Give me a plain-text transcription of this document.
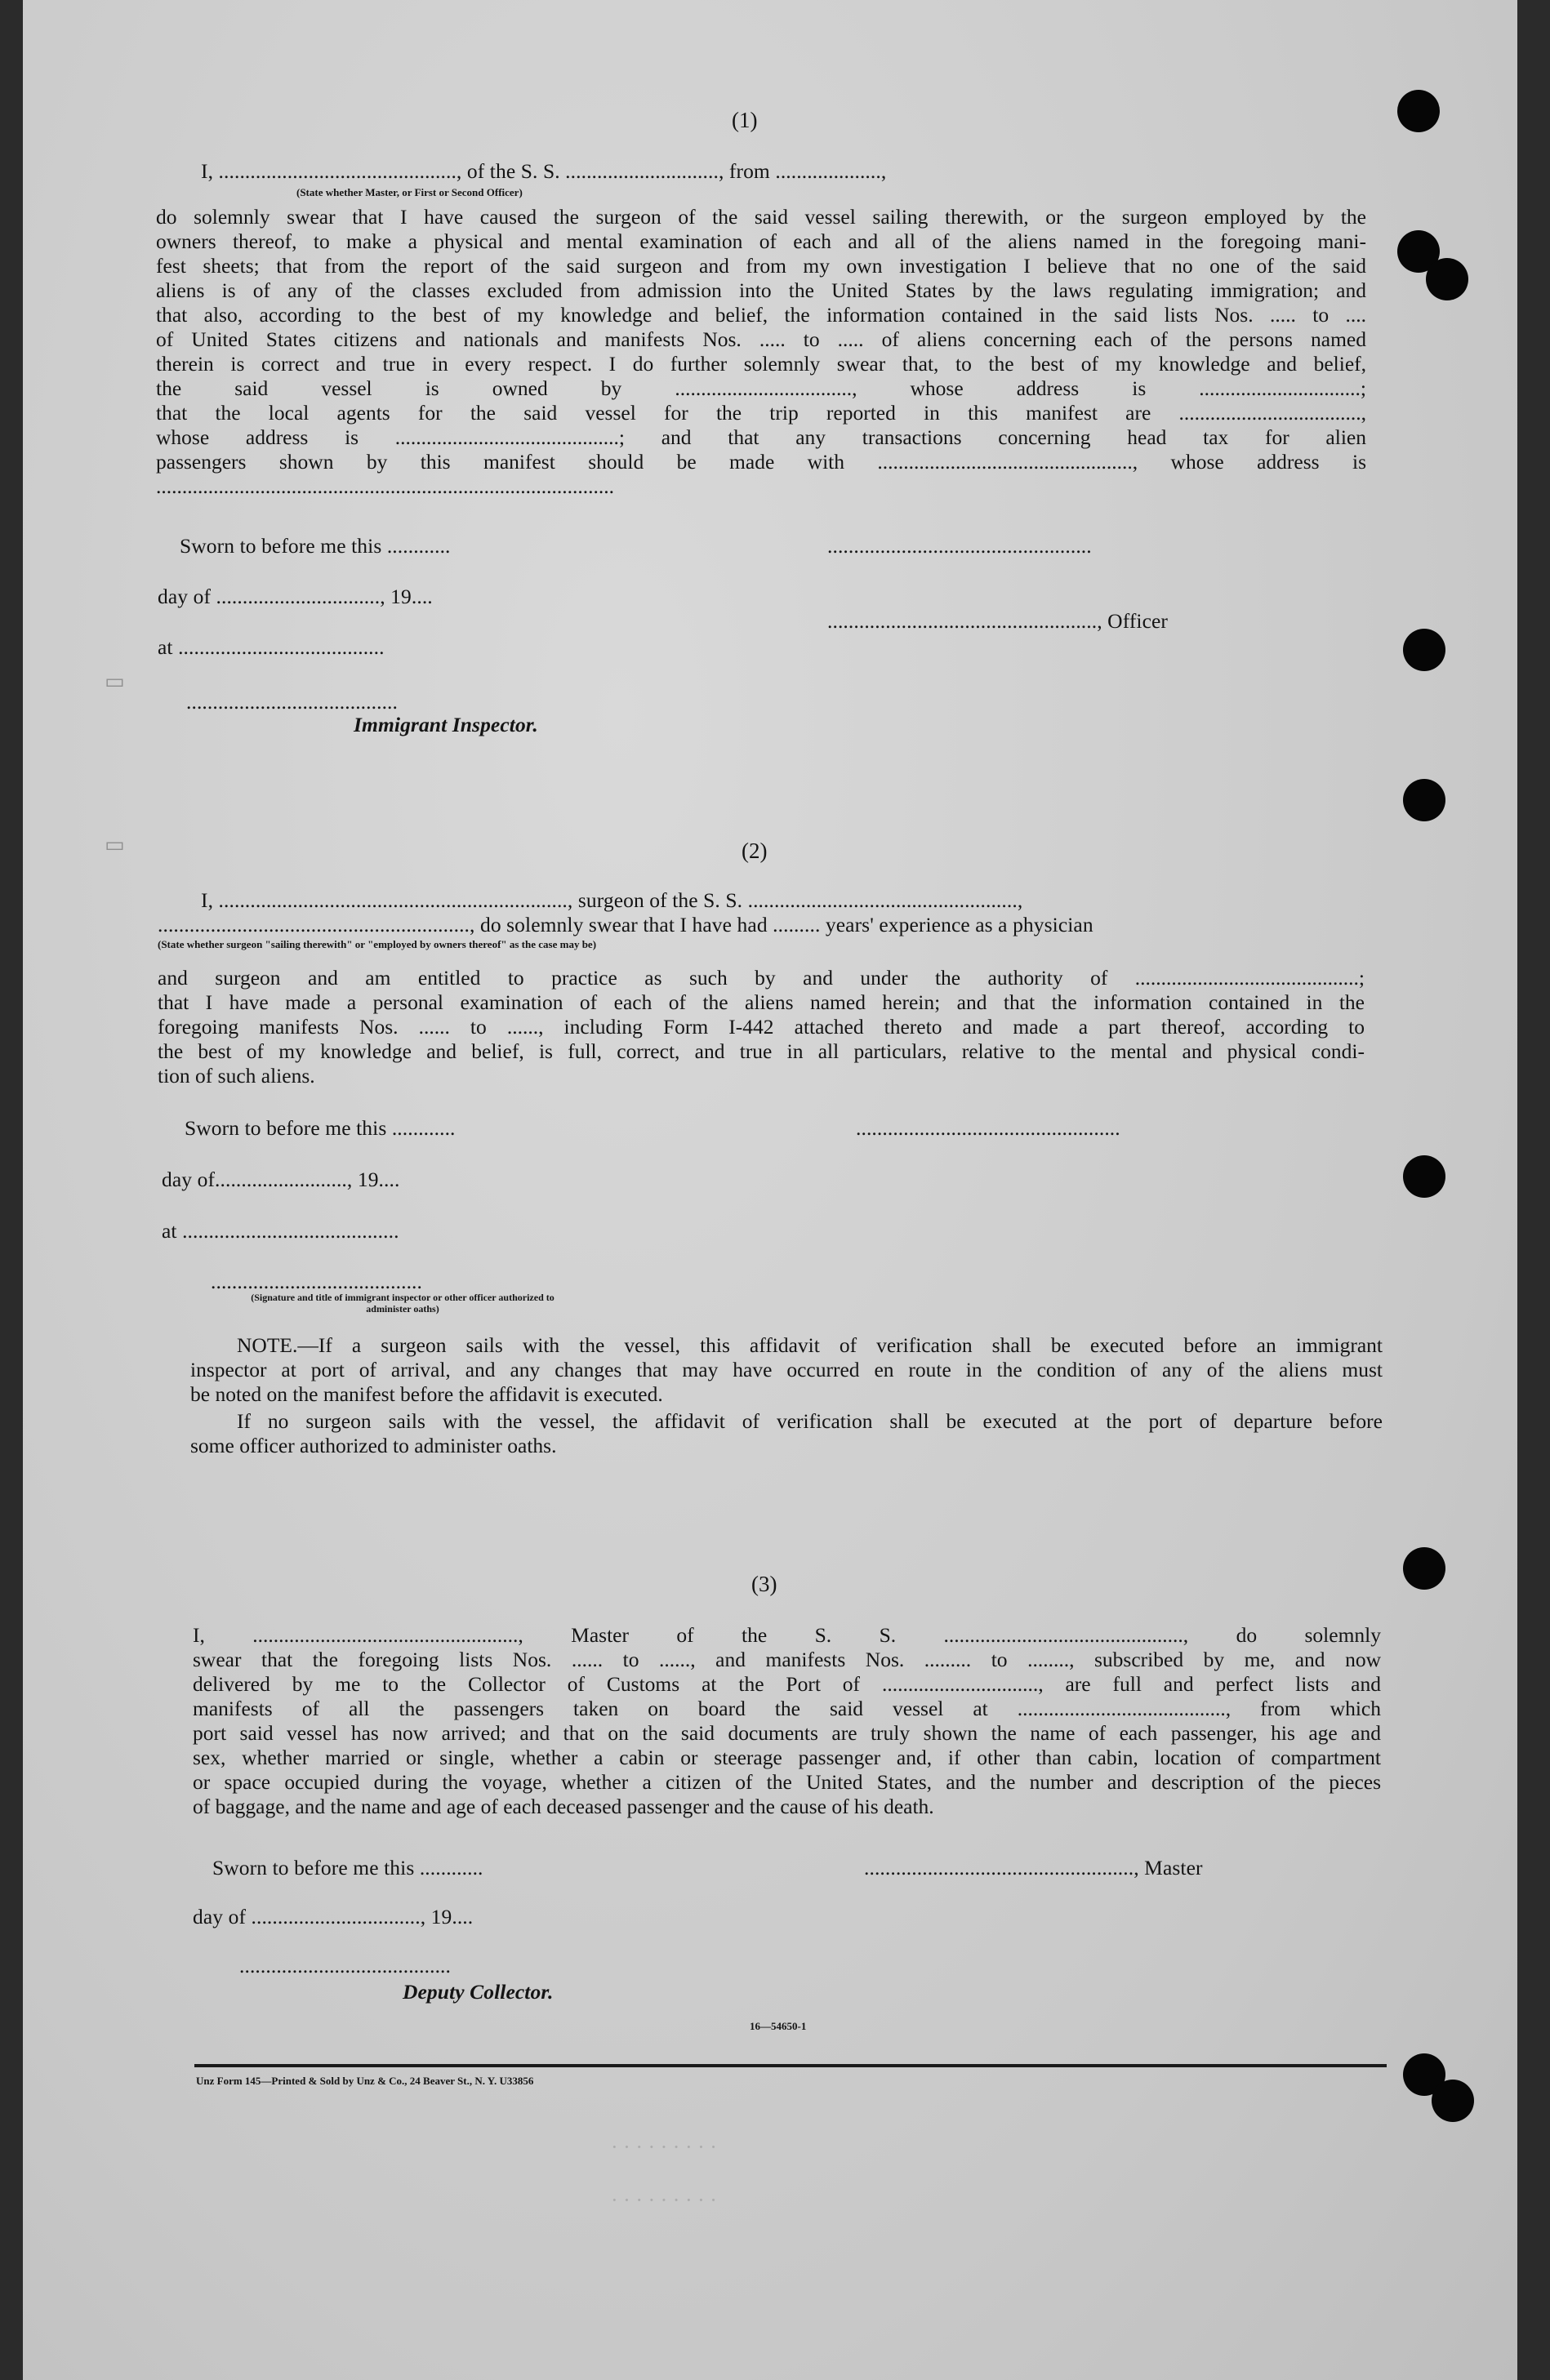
▭
▭
(1)
I, ............................................., of the S. S. ............................., from ....................,
(State whether Master, or First or Second Officer)
do solemnly swear that I have caused the surgeon of the said vessel sailing therewith, or the surgeon employed by the
owners thereof, to make a physical and mental examination of each and all of the aliens named in the foregoing mani-
fest sheets; that from the report of the said surgeon and from my own investigation I believe that no one of the said
aliens is of any of the classes excluded from admission into the United States by the laws regulating immigration; and
that also, according to the best of my knowledge and belief, the information contained in the said lists Nos. ..... to ....
of United States citizens and nationals and manifests Nos. ..... to ..... of aliens concerning each of the persons named
therein is correct and true in every respect. I do further solemnly swear that, to the best of my knowledge and belief,
the said vessel is owned by .................................., whose address is ...............................;
that the local agents for the said vessel for the trip reported in this manifest are ...................................,
whose address is ...........................................; and that any transactions concerning head tax for alien
passengers shown by this manifest should be made with ................................................., whose address is
........................................................................................
Sworn to before me this ............	..................................................
day of ..............................., 19....
..................................................., Officer
at .......................................
........................................
Immigrant Inspector.
(2)
I, .................................................................., surgeon of the S. S. ...................................................,
..........................................................., do solemnly swear that I have had ......... years' experience as a physician
(State whether surgeon "sailing therewith" or "employed by owners thereof" as the case may be)
and surgeon and am entitled to practice as such by and under the authority of ...........................................;
that I have made a personal examination of each of the aliens named herein; and that the information contained in the
foregoing manifests Nos. ...... to ......, including Form I-442 attached thereto and made a part thereof, according to
the best of my knowledge and belief, is full, correct, and true in all particulars, relative to the mental and physical condi-
tion of such aliens.
Sworn to before me this ............	..................................................
day of........................., 19....
at .........................................
........................................
(Signature and title of immigrant inspector or other officer authorized to administer oaths)
NOTE.—If a surgeon sails with the vessel, this affidavit of verification shall be executed before an immigrant
inspector at port of arrival, and any changes that may have occurred en route in the condition of any of the aliens must
be noted on the manifest before the affidavit is executed.
If no surgeon sails with the vessel, the affidavit of verification shall be executed at the port of departure before
some officer authorized to administer oaths.
(3)
I, ..................................................., Master of the S. S. .............................................., do solemnly
swear that the foregoing lists Nos. ...... to ......, and manifests Nos. ......... to ........, subscribed by me, and now
delivered by me to the Collector of Customs at the Port of .............................., are full and perfect lists and
manifests of all the passengers taken on board the said vessel at ........................................, from which
port said vessel has now arrived; and that on the said documents are truly shown the name of each passenger, his age and
sex, whether married or single, whether a cabin or steerage passenger and, if other than cabin, location of compartment
or space occupied during the voyage, whether a citizen of the United States, and the number and description of the pieces
of baggage, and the name and age of each deceased passenger and the cause of his death.
Sworn to before me this ............	..................................................., Master
day of ................................, 19....
........................................
Deputy Collector.
16—54650-1
Unz Form 145—Printed & Sold by Unz & Co., 24 Beaver St., N. Y. U33856
· · · · · · · · ·
· · · · · · · · ·
